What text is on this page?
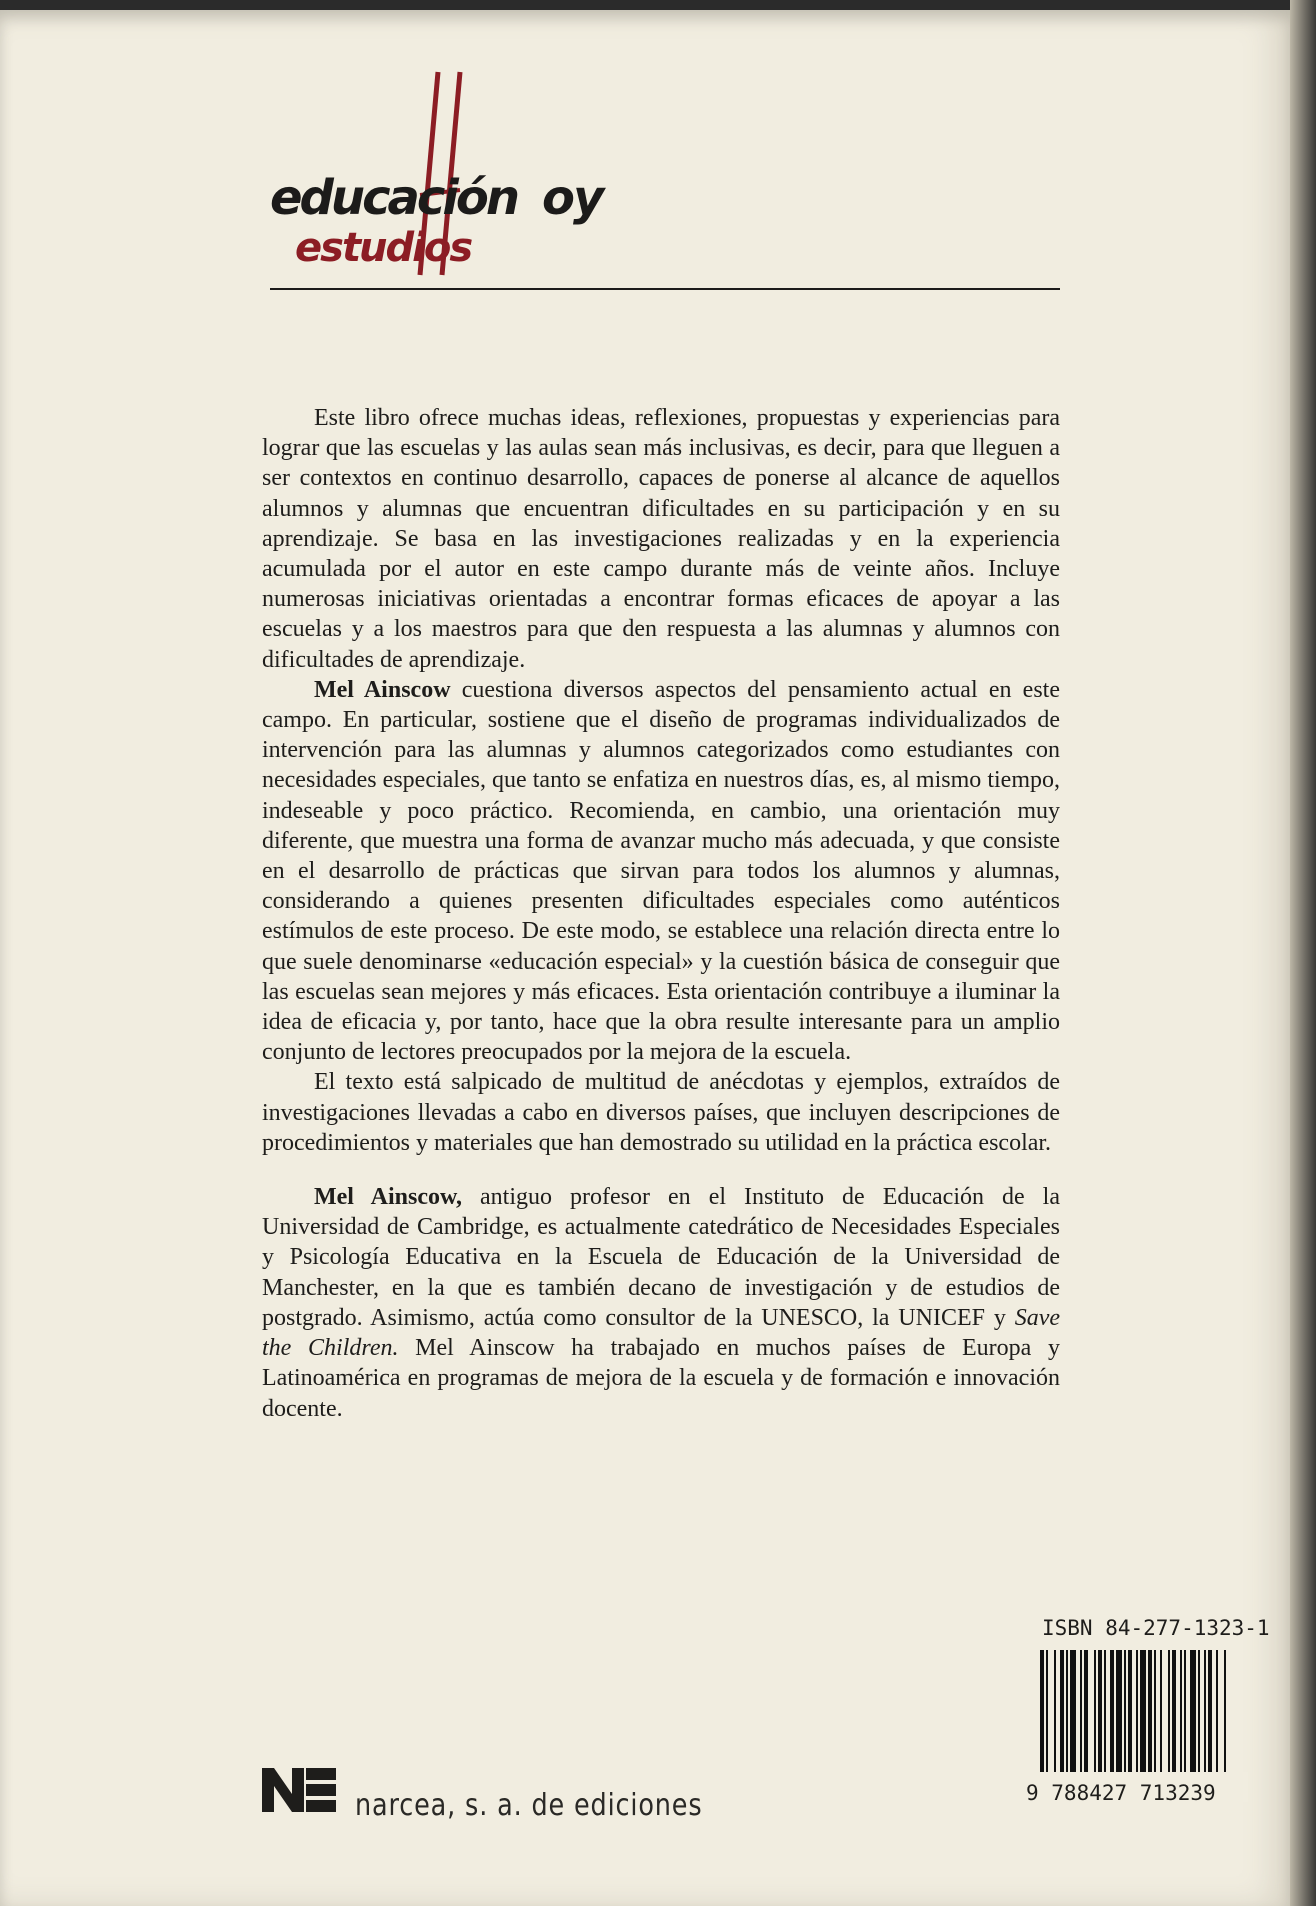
educación oy
estudios

Este libro ofrece muchas ideas, reflexiones, propuestas y experiencias para lograr que las escuelas y las aulas sean más inclusivas, es decir, para que lleguen a ser contextos en continuo desarrollo, capaces de ponerse al alcance de aquellos alumnos y alumnas que encuentran dificultades en su participación y en su aprendizaje. Se basa en las investigaciones realizadas y en la experiencia acumulada por el autor en este campo durante más de veinte años. Incluye numerosas iniciativas orientadas a encontrar formas eficaces de apoyar a las escuelas y a los maestros para que den respuesta a las alumnas y alumnos con dificultades de aprendizaje.

Mel Ainscow cuestiona diversos aspectos del pensamiento actual en este campo. En particular, sostiene que el diseño de programas individualizados de intervención para las alumnas y alumnos categorizados como estudiantes con necesidades especiales, que tanto se enfatiza en nuestros días, es, al mismo tiempo, indeseable y poco práctico. Recomienda, en cambio, una orientación muy diferente, que muestra una forma de avanzar mucho más adecuada, y que consiste en el desarrollo de prácticas que sirvan para todos los alumnos y alumnas, considerando a quienes presenten dificultades especiales como auténticos estímulos de este proceso. De este modo, se establece una relación directa entre lo que suele denominarse «educación especial» y la cuestión básica de conseguir que las escuelas sean mejores y más eficaces. Esta orientación contribuye a iluminar la idea de eficacia y, por tanto, hace que la obra resulte interesante para un amplio conjunto de lectores preocupados por la mejora de la escuela.

El texto está salpicado de multitud de anécdotas y ejemplos, extraídos de investigaciones llevadas a cabo en diversos países, que incluyen descripciones de procedimientos y materiales que han demostrado su utilidad en la práctica escolar.

Mel Ainscow, antiguo profesor en el Instituto de Educación de la Universidad de Cambridge, es actualmente catedrático de Necesidades Especiales y Psicología Educativa en la Escuela de Educación de la Universidad de Manchester, en la que es también decano de investigación y de estudios de postgrado. Asimismo, actúa como consultor de la UNESCO, la UNICEF y Save the Children. Mel Ainscow ha trabajado en muchos países de Europa y Latinoamérica en programas de mejora de la escuela y de formación e innovación docente.

ISBN 84-277-1323-1
9 788427 713239
narcea, s. a. de ediciones
